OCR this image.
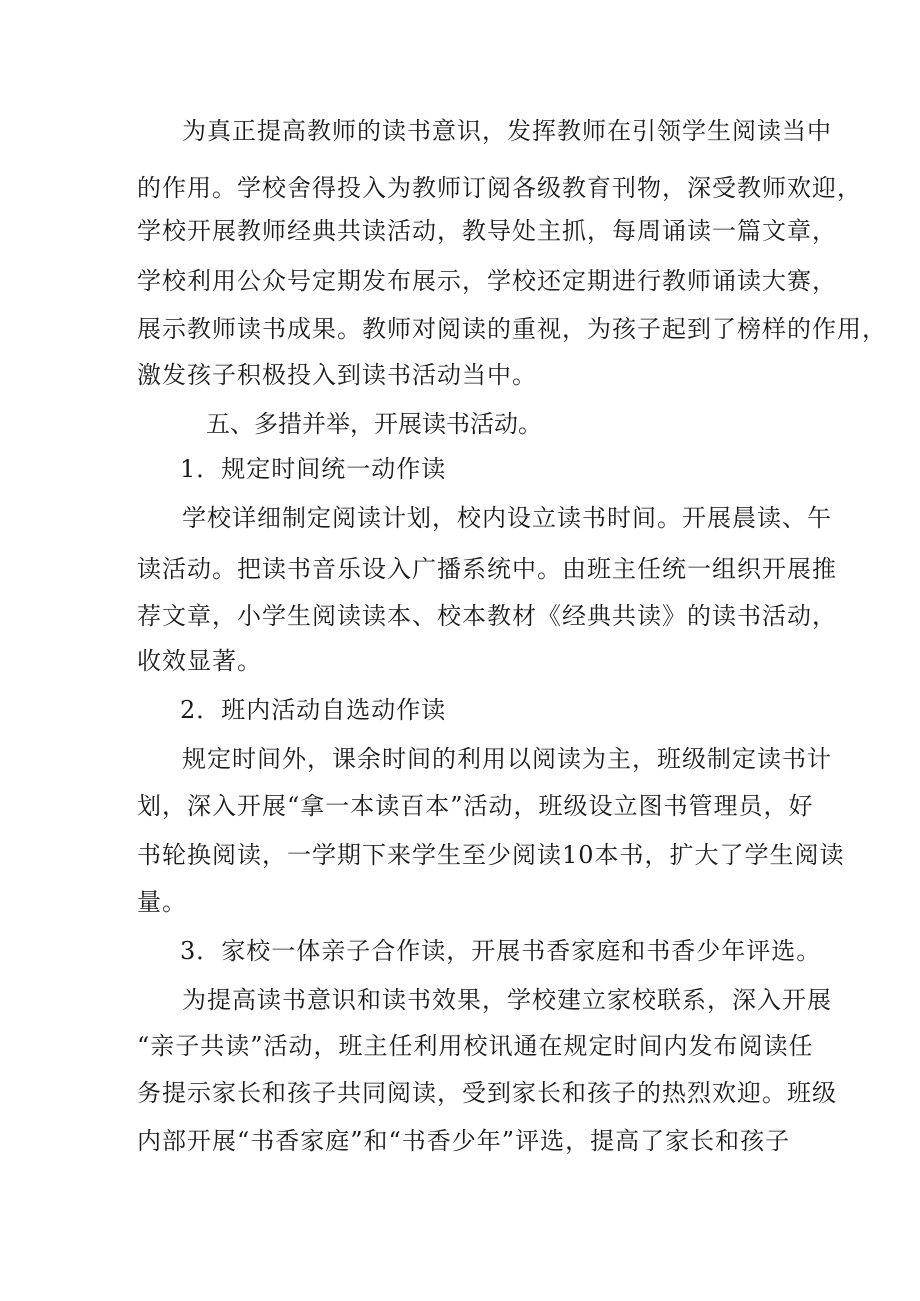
为真正提高教师的读书意识，发挥教师在引领学生阅读当中
的作用。学校舍得投入为教师订阅各级教育刊物，深受教师欢迎，
学校开展教师经典共读活动，教导处主抓，每周诵读一篇文章，
学校利用公众号定期发布展示，学校还定期进行教师诵读大赛，
展示教师读书成果。教师对阅读的重视，为孩子起到了榜样的作用，
激发孩子积极投入到读书活动当中。
五、多措并举，开展读书活动。
1．规定时间统一动作读
学校详细制定阅读计划，校内设立读书时间。开展晨读、午
读活动。把读书音乐设入广播系统中。由班主任统一组织开展推
荐文章，小学生阅读读本、校本教材《经典共读》的读书活动，
收效显著。
2．班内活动自选动作读
规定时间外，课余时间的利用以阅读为主，班级制定读书计
划，深入开展“拿一本读百本”活动，班级设立图书管理员，好
书轮换阅读，一学期下来学生至少阅读10本书，扩大了学生阅读
量。
3．家校一体亲子合作读，开展书香家庭和书香少年评选。
为提高读书意识和读书效果，学校建立家校联系，深入开展
“亲子共读”活动，班主任利用校讯通在规定时间内发布阅读任
务提示家长和孩子共同阅读，受到家长和孩子的热烈欢迎。班级
内部开展“书香家庭”和“书香少年”评选，提高了家长和孩子
